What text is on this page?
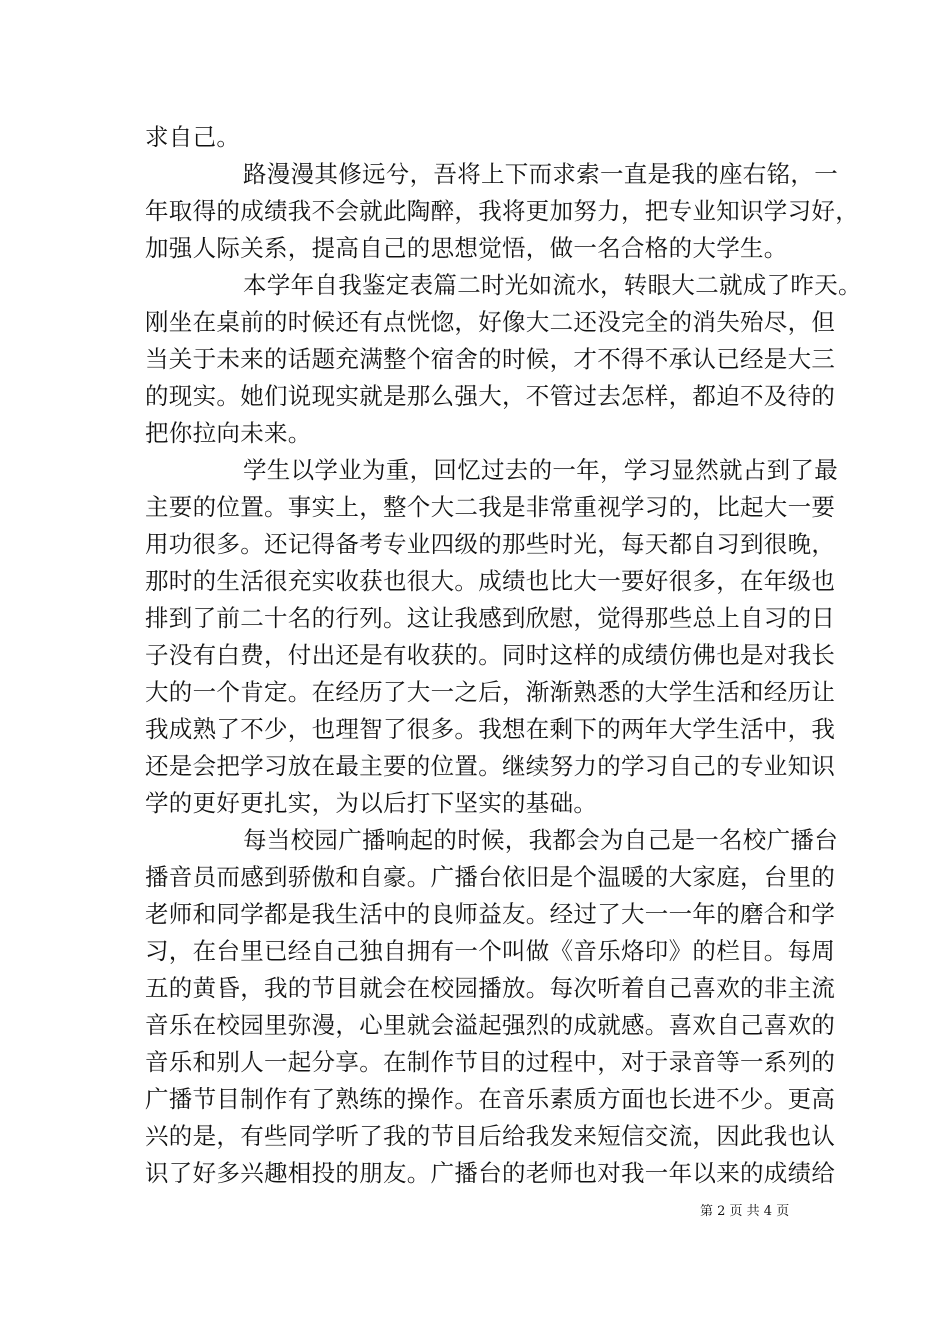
求自己。
路漫漫其修远兮，吾将上下而求索一直是我的座右铭，一
年取得的成绩我不会就此陶醉，我将更加努力，把专业知识学习好，
加强人际关系，提高自己的思想觉悟，做一名合格的大学生。
本学年自我鉴定表篇二时光如流水，转眼大二就成了昨天。
刚坐在桌前的时候还有点恍惚，好像大二还没完全的消失殆尽，但
当关于未来的话题充满整个宿舍的时候，才不得不承认已经是大三
的现实。她们说现实就是那么强大，不管过去怎样，都迫不及待的
把你拉向未来。
学生以学业为重，回忆过去的一年，学习显然就占到了最
主要的位置。事实上，整个大二我是非常重视学习的，比起大一要
用功很多。还记得备考专业四级的那些时光，每天都自习到很晚，
那时的生活很充实收获也很大。成绩也比大一要好很多，在年级也
排到了前二十名的行列。这让我感到欣慰，觉得那些总上自习的日
子没有白费，付出还是有收获的。同时这样的成绩仿佛也是对我长
大的一个肯定。在经历了大一之后，渐渐熟悉的大学生活和经历让
我成熟了不少，也理智了很多。我想在剩下的两年大学生活中，我
还是会把学习放在最主要的位置。继续努力的学习自己的专业知识
学的更好更扎实，为以后打下坚实的基础。
每当校园广播响起的时候，我都会为自己是一名校广播台
播音员而感到骄傲和自豪。广播台依旧是个温暖的大家庭，台里的
老师和同学都是我生活中的良师益友。经过了大一一年的磨合和学
习，在台里已经自己独自拥有一个叫做《音乐烙印》的栏目。每周
五的黄昏，我的节目就会在校园播放。每次听着自己喜欢的非主流
音乐在校园里弥漫，心里就会溢起强烈的成就感。喜欢自己喜欢的
音乐和别人一起分享。在制作节目的过程中，对于录音等一系列的
广播节目制作有了熟练的操作。在音乐素质方面也长进不少。更高
兴的是，有些同学听了我的节目后给我发来短信交流，因此我也认
识了好多兴趣相投的朋友。广播台的老师也对我一年以来的成绩给
第 2 页 共 4 页
